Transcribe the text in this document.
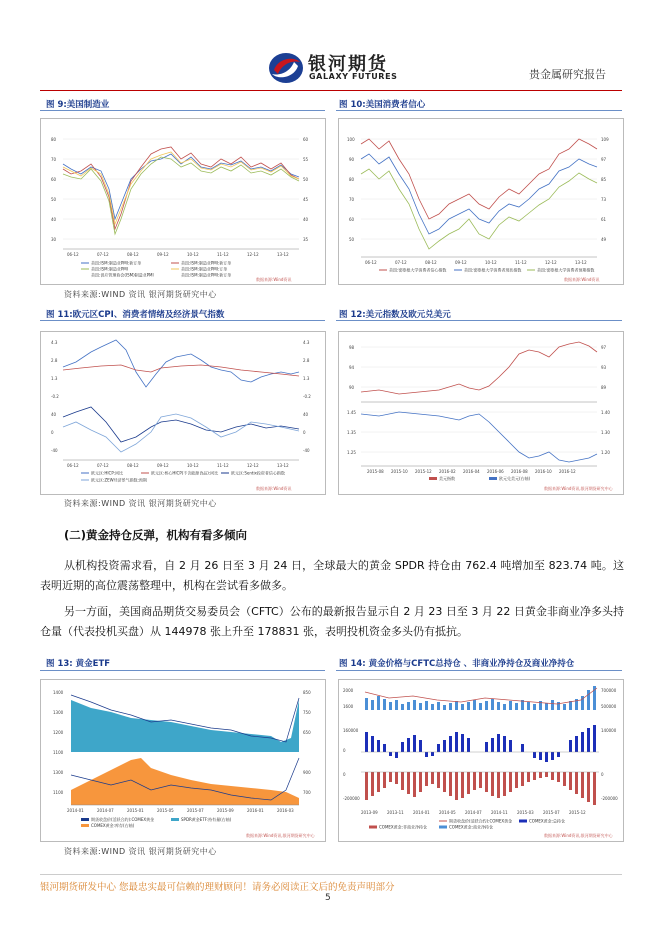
银河期货
GALAXY FUTURES	贵金属研究报告
图 9:美国制造业
06-12	07-12	08-12	09-12	10-12	11-12	12-12	13-12
80
70
60
50
40
30
60
55
50
45
40
35
美国:ISM:制造业PMI:新订单	美国:ISM:制造业PMI:新订单
美国:ISM:制造业PMI	美国:ISM:制造业PMI:订单
美国:供应管理协会(ISM)制造业PMI	美国:ISM:制造业PMI:新订单
数据来源:Wind资讯
图 10:美国消费者信心
06-12	07-12	08-12	09-12	10-12	11-12	12-12	13-12
100
90
80
70
60
50
109
97
85
73
61
49
美国:密歇根大学消费者信心指数	美国:密歇根大学消费者现状指数	美国:密歇根大学消费者预期指数
数据来源:Wind资讯
资料来源:WIND 资讯 银河期货研究中心
图 11:欧元区CPI、消费者情绪及经济景气指数
06-12	07-12	08-12	09-12	10-12	11-12	12-12	13-12
4.3
2.8
1.3
-0.2
40
0
-40
4.3
2.8
1.3
-0.2
40
0
-40
欧元区:HICP:同比	欧元区:核心HICP(不含能源食品):同比	欧元区:Sentix投资者信心指数
欧元区:ZEW经济景气指数:预期
数据来源:Wind资讯
图 12:美元指数及欧元兑美元
2015-08 2015-10 2015-12 2016-02 2016-04 2016-06 2016-08 2016-10 2016-12
98
94
90
1.45
1.35
1.25
97
93
89
1.40
1.30
1.20
美元指数	欧元兑美元(右轴)
数据来源:Wind资讯,银河期货研究中心
资料来源:WIND 资讯 银河期货研究中心
(二)黄金持仓反弹，机构有看多倾向
从机构投资需求看，自 2 月 26 日至 3 月 24 日，全球最大的黄金 SPDR 持仓由 762.4 吨增加至 823.74 吨。这表明近期的高位震荡整理中，机构在尝试看多做多。
另一方面，美国商品期货交易委员会（CFTC）公布的最新报告显示自 2 月 23 日至 3 月 22 日黄金非商业净多头持仓量（代表投机买盘）从 144978 张上升至 178831 张，表明投机资金多头仍有抵抗。
图 13: 黄金ETF
2014-01	2014-07	2015-01	2015-05	2015-07	2015-09	2016-01	2016-03
1400
1300
1200
1100
1300
1100
850
750
650
900
700
期货收盘价(活跃合约):COMEX黄金	SPDR黄金ETF:持有量(右轴)
COMEX黄金:库存(右轴)
数据来源:Wind资讯,银河期货研究中心
图 14: 黄金价格与CFTC总持仓 、非商业净持仓及商业净持仓
2013-09 2013-11 2014-01 2014-05 2014-07 2014-11 2015-03 2015-07 2015-12
2000
1600
160000
0
0
-200000
700000
500000
140000
0
-200000
期货收盘价(活跃合约):COMEX黄金	COMEX黄金:总持仓
COMEX黄金:非商业净持仓	COMEX黄金:商业净持仓
数据来源:Wind资讯,银河期货研究中心
资料来源:WIND 资讯 银河期货研究中心
银河期货研发中心 您最忠实最可信赖的理财顾问！请务必阅读正文后的免责声明部分
5
